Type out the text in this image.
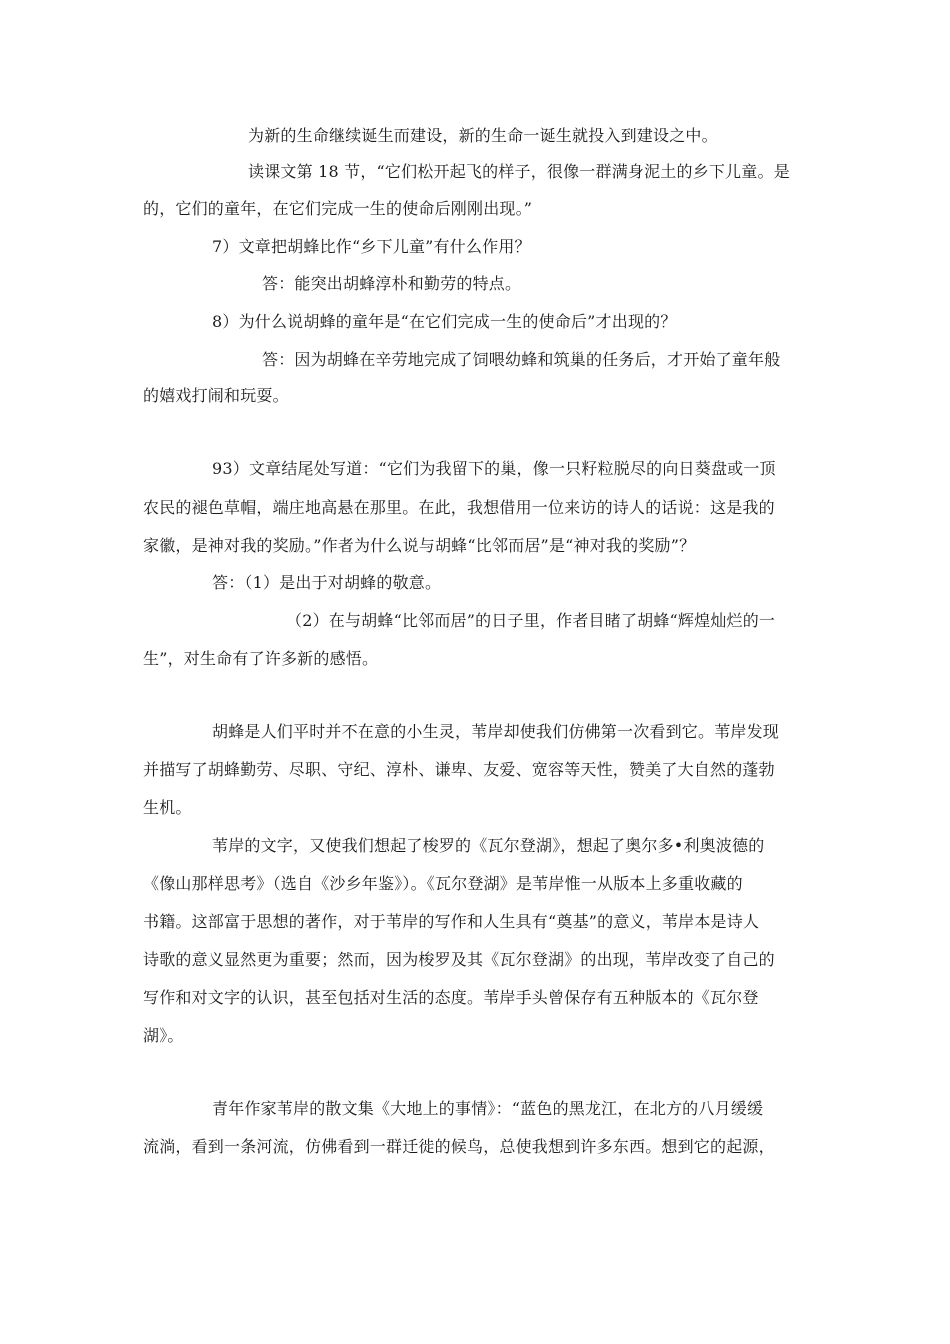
为新的生命继续诞生而建设，新的生命一诞生就投入到建设之中。
读课文第 18 节，“它们松开起飞的样子，很像一群满身泥土的乡下儿童。是
的，它们的童年，在它们完成一生的使命后刚刚出现。”
7）文章把胡蜂比作“乡下儿童”有什么作用？
答：能突出胡蜂淳朴和勤劳的特点。
8）为什么说胡蜂的童年是“在它们完成一生的使命后”才出现的？
答：因为胡蜂在辛劳地完成了饲喂幼蜂和筑巢的任务后，才开始了童年般
的嬉戏打闹和玩耍。
93）文章结尾处写道：“它们为我留下的巢，像一只籽粒脱尽的向日葵盘或一顶
农民的褪色草帽，端庄地高悬在那里。在此，我想借用一位来访的诗人的话说：这是我的
家徽，是神对我的奖励。”作者为什么说与胡蜂“比邻而居”是“神对我的奖励”？
答：（1）是出于对胡蜂的敬意。
（2）在与胡蜂“比邻而居”的日子里，作者目睹了胡蜂“辉煌灿烂的一
生”，对生命有了许多新的感悟。
胡蜂是人们平时并不在意的小生灵，苇岸却使我们仿佛第一次看到它。苇岸发现
并描写了胡蜂勤劳、尽职、守纪、淳朴、谦卑、友爱、宽容等天性，赞美了大自然的蓬勃
生机。
苇岸的文字，又使我们想起了梭罗的《瓦尔登湖》，想起了奥尔多•利奥波德的
《像山那样思考》（选自《沙乡年鉴》）。《瓦尔登湖》是苇岸惟一从版本上多重收藏的
书籍。这部富于思想的著作，对于苇岸的写作和人生具有“奠基”的意义，苇岸本是诗人
诗歌的意义显然更为重要；然而，因为梭罗及其《瓦尔登湖》的出现，苇岸改变了自己的
写作和对文字的认识，甚至包括对生活的态度。苇岸手头曾保存有五种版本的《瓦尔登
湖》。
青年作家苇岸的散文集《大地上的事情》：“蓝色的黑龙江，在北方的八月缓缓
流淌，看到一条河流，仿佛看到一群迁徙的候鸟，总使我想到许多东西。想到它的起源，
